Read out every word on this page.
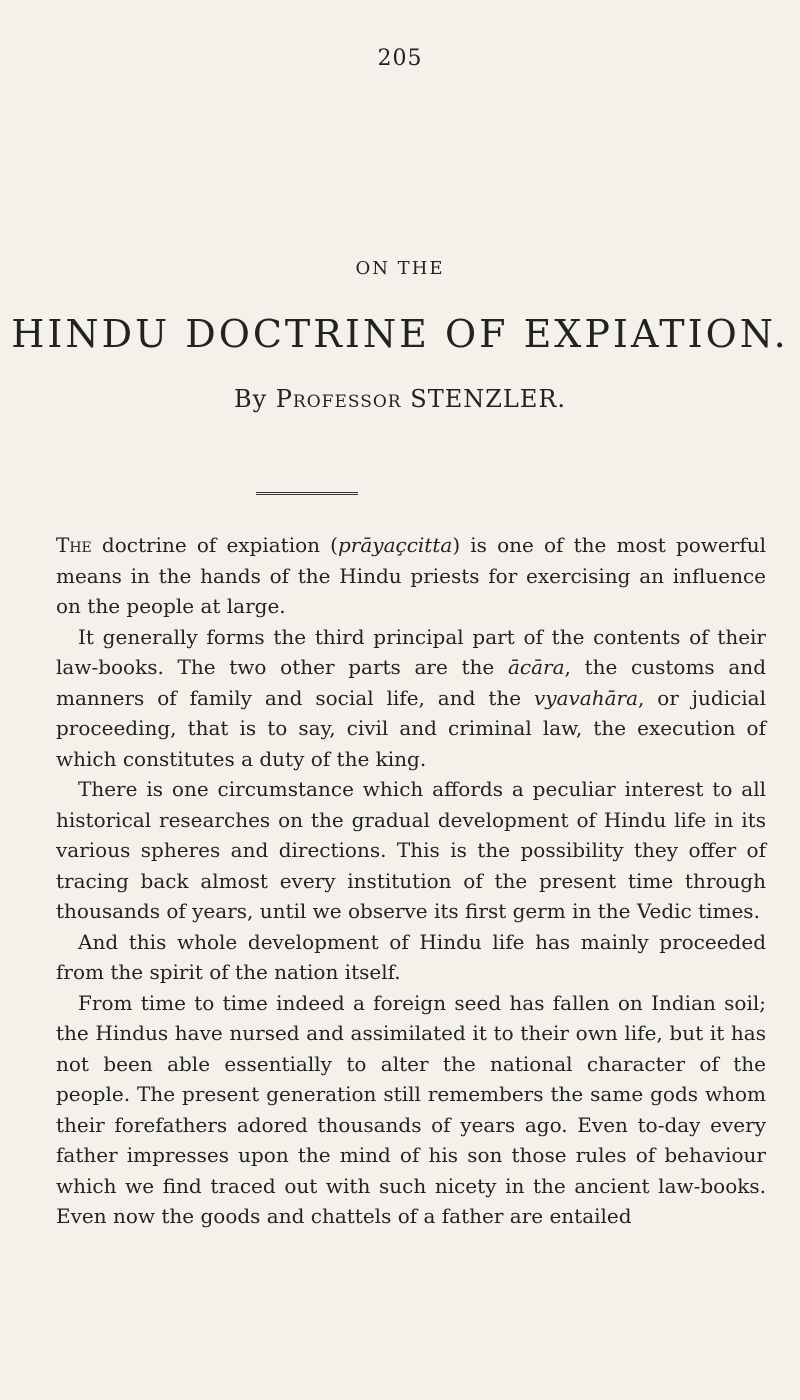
205
ON THE
HINDU DOCTRINE OF EXPIATION.
By Professor STENZLER.

The doctrine of expiation (prāyaçcitta) is one of the most powerful means in the hands of the Hindu priests for exercising an influence on the people at large.

It generally forms the third principal part of the contents of their law-books. The two other parts are the ācāra, the customs and manners of family and social life, and the vyavahāra, or judicial proceeding, that is to say, civil and criminal law, the execution of which constitutes a duty of the king.

There is one circumstance which affords a peculiar interest to all historical researches on the gradual development of Hindu life in its various spheres and directions. This is the possibility they offer of tracing back almost every institution of the present time through thousands of years, until we observe its first germ in the Vedic times.

And this whole development of Hindu life has mainly proceeded from the spirit of the nation itself.

From time to time indeed a foreign seed has fallen on Indian soil; the Hindus have nursed and assimilated it to their own life, but it has not been able essentially to alter the national character of the people. The present generation still remembers the same gods whom their forefathers adored thousands of years ago. Even to-day every father impresses upon the mind of his son those rules of behaviour which we find traced out with such nicety in the ancient law-books. Even now the goods and chattels of a father are entailed
